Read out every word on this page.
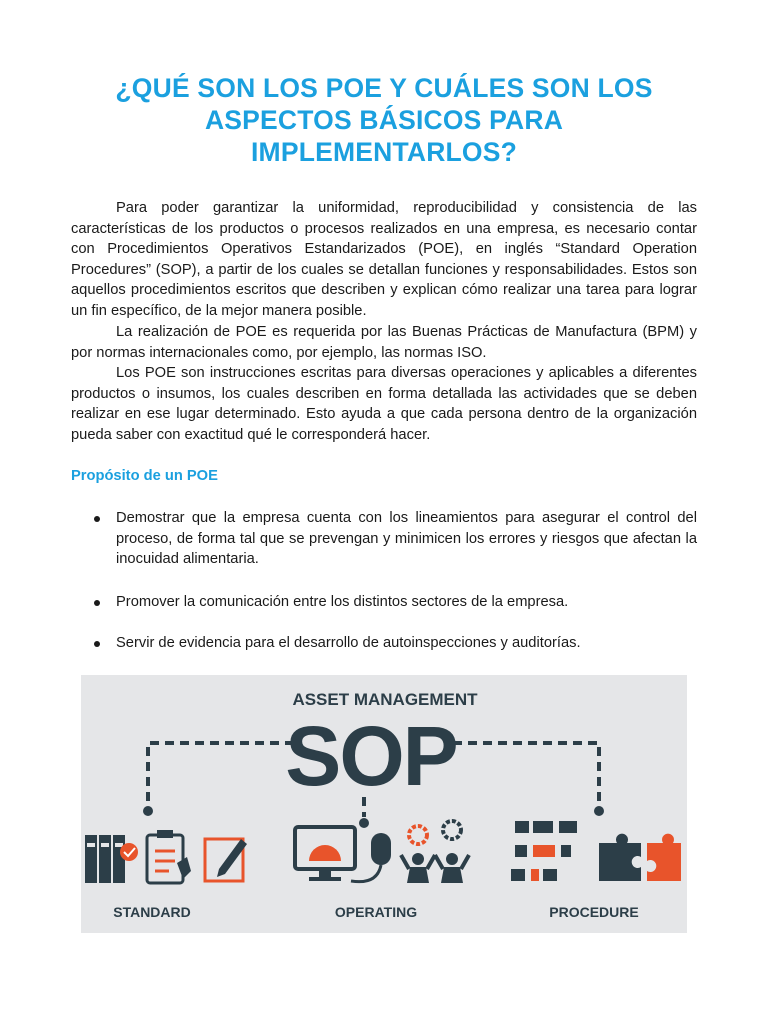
¿QUÉ SON LOS POE Y CUÁLES SON LOS ASPECTOS BÁSICOS PARA IMPLEMENTARLOS?

Para poder garantizar la uniformidad, reproducibilidad y consistencia de las características de los productos o procesos realizados en una empresa, es necesario contar con Procedimientos Operativos Estandarizados (POE), en inglés “Standard Operation Procedures” (SOP), a partir de los cuales se detallan funciones y responsabilidades. Estos son aquellos procedimientos escritos que describen y explican cómo realizar una tarea para lograr un fin específico, de la mejor manera posible.

La realización de POE es requerida por las Buenas Prácticas de Manufactura (BPM) y por normas internacionales como, por ejemplo, las normas ISO.

Los POE son instrucciones escritas para diversas operaciones y aplicables a diferentes productos o insumos, los cuales describen en forma detallada las actividades que se deben realizar en ese lugar determinado. Esto ayuda a que cada persona dentro de la organización pueda saber con exactitud qué le corresponderá hacer.

Propósito de un POE
Demostrar que la empresa cuenta con los lineamientos para asegurar el control del proceso, de forma tal que se prevengan y minimicen los errores y riesgos que afectan la inocuidad alimentaria.
Promover la comunicación entre los distintos sectores de la empresa.
Servir de evidencia para el desarrollo de autoinspecciones y auditorías.
ASSET MANAGEMENT
SOP
STANDARD	OPERATING	PROCEDURE
